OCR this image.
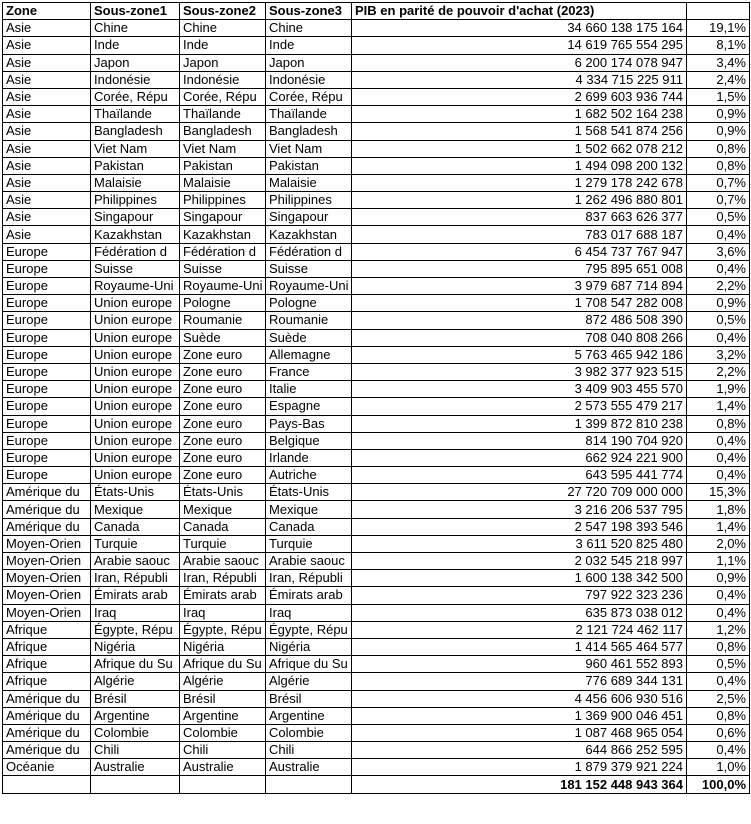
Zone	Sous-zone1	Sous-zone2	Sous-zone3	PIB en parité de pouvoir d'achat (2023)	
Asie	Chine	Chine	Chine	34 660 138 175 164	19,1%
Asie	Inde	Inde	Inde	14 619 765 554 295	8,1%
Asie	Japon	Japon	Japon	6 200 174 078 947	3,4%
Asie	Indonésie	Indonésie	Indonésie	4 334 715 225 911	2,4%
Asie	Corée, Répu	Corée, Répu	Corée, Répu	2 699 603 936 744	1,5%
Asie	Thaïlande	Thaïlande	Thaïlande	1 682 502 164 238	0,9%
Asie	Bangladesh	Bangladesh	Bangladesh	1 568 541 874 256	0,9%
Asie	Viet Nam	Viet Nam	Viet Nam	1 502 662 078 212	0,8%
Asie	Pakistan	Pakistan	Pakistan	1 494 098 200 132	0,8%
Asie	Malaisie	Malaisie	Malaisie	1 279 178 242 678	0,7%
Asie	Philippines	Philippines	Philippines	1 262 496 880 801	0,7%
Asie	Singapour	Singapour	Singapour	837 663 626 377	0,5%
Asie	Kazakhstan	Kazakhstan	Kazakhstan	783 017 688 187	0,4%
Europe	Fédération d	Fédération d	Fédération d	6 454 737 767 947	3,6%
Europe	Suisse	Suisse	Suisse	795 895 651 008	0,4%
Europe	Royaume-Uni	Royaume-Uni	Royaume-Uni	3 979 687 714 894	2,2%
Europe	Union europe	Pologne	Pologne	1 708 547 282 008	0,9%
Europe	Union europe	Roumanie	Roumanie	872 486 508 390	0,5%
Europe	Union europe	Suède	Suède	708 040 808 266	0,4%
Europe	Union europe	Zone euro	Allemagne	5 763 465 942 186	3,2%
Europe	Union europe	Zone euro	France	3 982 377 923 515	2,2%
Europe	Union europe	Zone euro	Italie	3 409 903 455 570	1,9%
Europe	Union europe	Zone euro	Espagne	2 573 555 479 217	1,4%
Europe	Union europe	Zone euro	Pays-Bas	1 399 872 810 238	0,8%
Europe	Union europe	Zone euro	Belgique	814 190 704 920	0,4%
Europe	Union europe	Zone euro	Irlande	662 924 221 900	0,4%
Europe	Union europe	Zone euro	Autriche	643 595 441 774	0,4%
Amérique du	États-Unis	États-Unis	États-Unis	27 720 709 000 000	15,3%
Amérique du	Mexique	Mexique	Mexique	3 216 206 537 795	1,8%
Amérique du	Canada	Canada	Canada	2 547 198 393 546	1,4%
Moyen-Orien	Turquie	Turquie	Turquie	3 611 520 825 480	2,0%
Moyen-Orien	Arabie saouc	Arabie saouc	Arabie saouc	2 032 545 218 997	1,1%
Moyen-Orien	Iran, Républi	Iran, Républi	Iran, Républi	1 600 138 342 500	0,9%
Moyen-Orien	Émirats arab	Émirats arab	Émirats arab	797 922 323 236	0,4%
Moyen-Orien	Iraq	Iraq	Iraq	635 873 038 012	0,4%
Afrique	Égypte, Répu	Égypte, Répu	Égypte, Répu	2 121 724 462 117	1,2%
Afrique	Nigéria	Nigéria	Nigéria	1 414 565 464 577	0,8%
Afrique	Afrique du Su	Afrique du Su	Afrique du Su	960 461 552 893	0,5%
Afrique	Algérie	Algérie	Algérie	776 689 344 131	0,4%
Amérique du	Brésil	Brésil	Brésil	4 456 606 930 516	2,5%
Amérique du	Argentine	Argentine	Argentine	1 369 900 046 451	0,8%
Amérique du	Colombie	Colombie	Colombie	1 087 468 965 054	0,6%
Amérique du	Chili	Chili	Chili	644 866 252 595	0,4%
Océanie	Australie	Australie	Australie	1 879 379 921 224	1,0%
				181 152 448 943 364	100,0%
